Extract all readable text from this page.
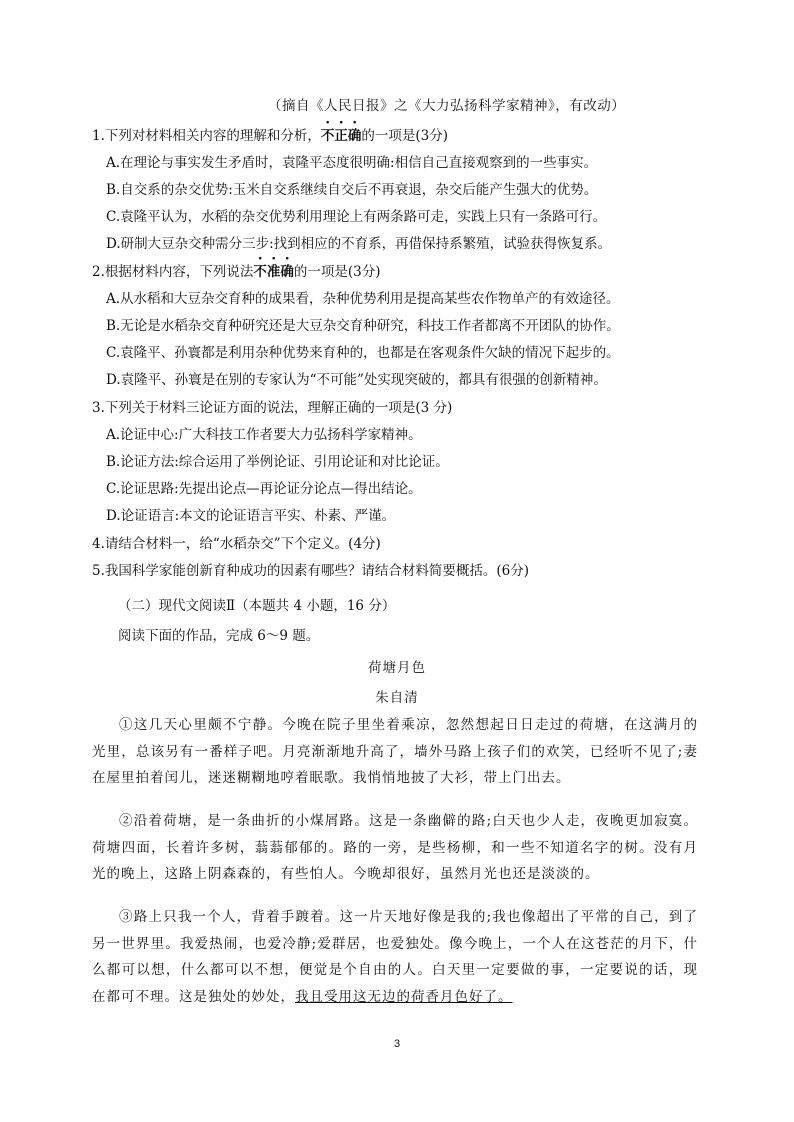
（摘自《人民日报》之《大力弘扬科学家精神》，有改动）
1.下列对材料相关内容的理解和分析，不正确的一项是(3分)
A.在理论与事实发生矛盾时，袁隆平态度很明确:相信自己直接观察到的一些事实。
B.自交系的杂交优势:玉米自交系继续自交后不再衰退，杂交后能产生强大的优势。
C.袁隆平认为，水稻的杂交优势利用理论上有两条路可走，实践上只有一条路可行。
D.研制大豆杂交种需分三步:找到相应的不育系，再借保持系繁殖，试验获得恢复系。
2.根据材料内容，下列说法不准确的一项是(3分)
A.从水稻和大豆杂交育种的成果看，杂种优势利用是提高某些农作物单产的有效途径。
B.无论是水稻杂交育种研究还是大豆杂交育种研究，科技工作者都离不开团队的协作。
C.袁隆平、孙寰都是利用杂种优势来育种的，也都是在客观条件欠缺的情况下起步的。
D.袁隆平、孙寰是在别的专家认为“不可能”处实现突破的，都具有很强的创新精神。
3.下列关于材料三论证方面的说法，理解正确的一项是(3 分)
A.论证中心:广大科技工作者要大力弘扬科学家精神。
B.论证方法:综合运用了举例论证、引用论证和对比论证。
C.论证思路:先提出论点—再论证分论点—得出结论。
D.论证语言:本文的论证语言平实、朴素、严谨。
4.请结合材料一，给“水稻杂交”下个定义。(4分)
5.我国科学家能创新育种成功的因素有哪些？请结合材料简要概括。(6分)
（二）现代文阅读Ⅱ（本题共 4 小题，16 分）
阅读下面的作品，完成 6～9 题。
荷塘月色
朱自清
①这几天心里颇不宁静。今晚在院子里坐着乘凉，忽然想起日日走过的荷塘，在这满月的光里，总该另有一番样子吧。月亮渐渐地升高了，墙外马路上孩子们的欢笑，已经听不见了;妻在屋里拍着闰儿，迷迷糊糊地哼着眠歌。我悄悄地披了大衫，带上门出去。
②沿着荷塘，是一条曲折的小煤屑路。这是一条幽僻的路;白天也少人走，夜晚更加寂寞。荷塘四面，长着许多树，蓊蓊郁郁的。路的一旁，是些杨柳，和一些不知道名字的树。没有月光的晚上，这路上阴森森的，有些怕人。今晚却很好，虽然月光也还是淡淡的。
③路上只我一个人，背着手踱着。这一片天地好像是我的;我也像超出了平常的自己，到了另一世界里。我爱热闹，也爱冷静;爱群居，也爱独处。像今晚上，一个人在这苍茫的月下，什么都可以想，什么都可以不想，便觉是个自由的人。白天里一定要做的事，一定要说的话，现在都可不理。这是独处的妙处，我且受用这无边的荷香月色好了。
3
